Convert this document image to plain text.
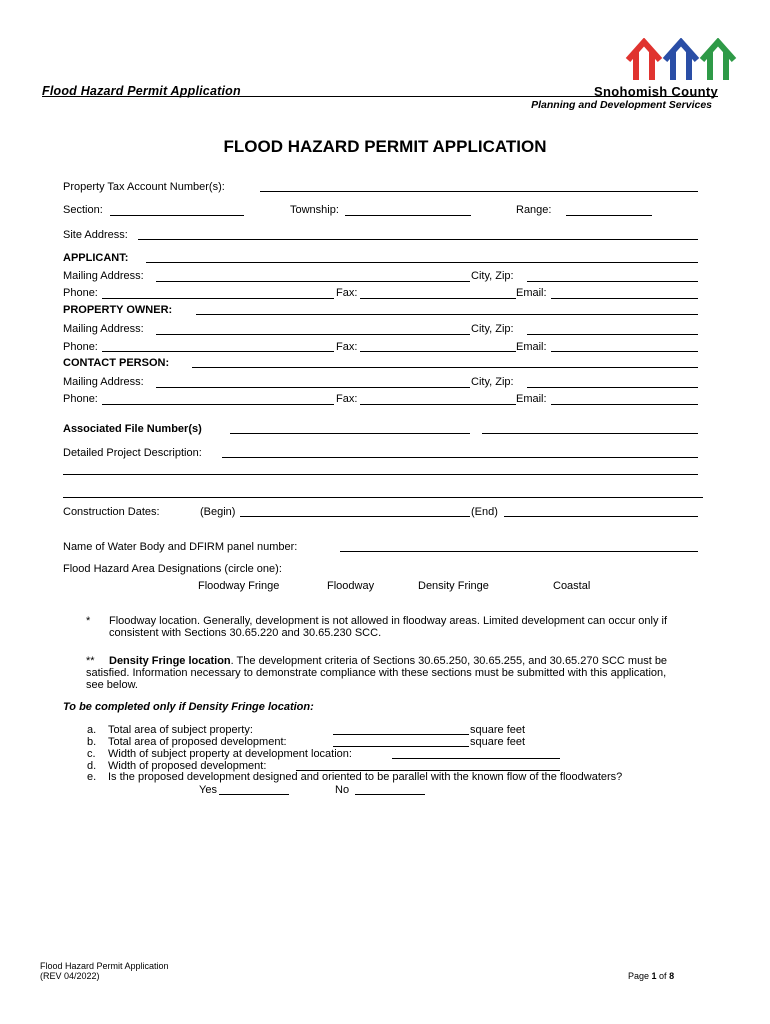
Flood Hazard Permit Application	Snohomish County
Planning and Development Services
FLOOD HAZARD PERMIT APPLICATION
Property Tax Account Number(s):
Section:	Township:	Range:
Site Address:
APPLICANT:
Mailing Address:	City, Zip:
Phone:	Fax:	Email:
PROPERTY OWNER:
Mailing Address:	City, Zip:
Phone:	Fax:	Email:
CONTACT PERSON:
Mailing Address:	City, Zip:
Phone:	Fax:	Email:
Associated File Number(s)
Detailed Project Description:
Construction Dates:	(Begin)	(End)
Name of Water Body and DFIRM panel number:
Flood Hazard Area Designations (circle one):
Floodway Fringe	Floodway	Density Fringe	Coastal
* Floodway location. Generally, development is not allowed in floodway areas. Limited development can occur only if consistent with Sections 30.65.220 and 30.65.230 SCC.
**	Density Fringe location. The development criteria of Sections 30.65.250, 30.65.255, and 30.65.270 SCC must be satisfied. Information necessary to demonstrate compliance with these sections must be submitted with this application, see below.
To be completed only if Density Fringe location:
a. Total area of subject property:	square feet
b. Total area of proposed development:	square feet
c. Width of subject property at development location:
d. Width of proposed development:
e. Is the proposed development designed and oriented to be parallel with the known flow of the floodwaters?
Yes	No
Flood Hazard Permit Application
(REV 04/2022)	Page 1 of 8
